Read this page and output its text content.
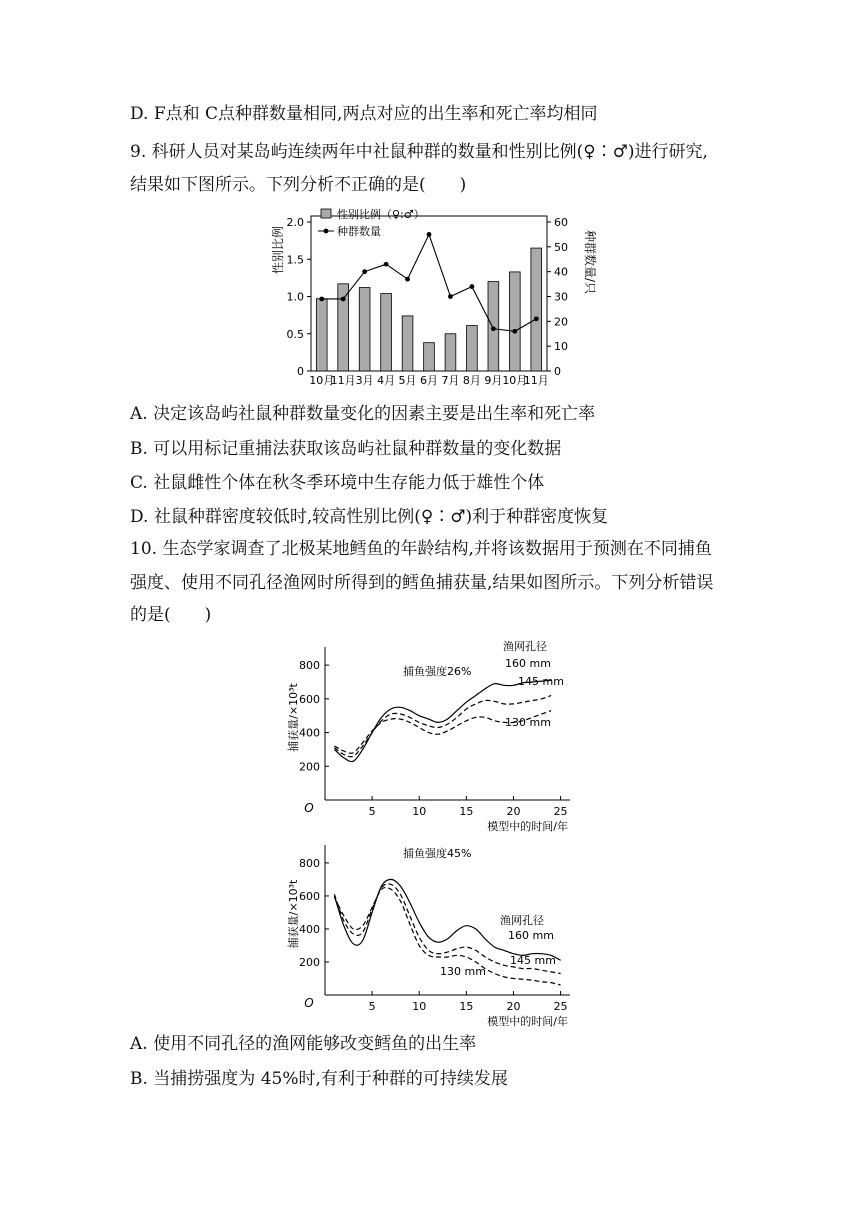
D. F点和 C点种群数量相同,两点对应的出生率和死亡率均相同
9. 科研人员对某岛屿连续两年中社鼠种群的数量和性别比例(♀∶♂)进行研究,
结果如下图所示。下列分析不正确的是(　　)
0
0.5
1.0
1.5
2.0
0
10
20
30
40
50
60
性别比例	种群数量/只
10月
11月 3月 4月 5月 6月 7月 8月 9月 10月
11月
性别比例（♀:♂）
种群数量
A. 决定该岛屿社鼠种群数量变化的因素主要是出生率和死亡率
B. 可以用标记重捕法获取该岛屿社鼠种群数量的变化数据
C. 社鼠雌性个体在秋冬季环境中生存能力低于雄性个体
D. 社鼠种群密度较低时,较高性别比例(♀∶♂)利于种群密度恢复
10. 生态学家调查了北极某地鳕鱼的年龄结构,并将该数据用于预测在不同捕鱼
强度、使用不同孔径渔网时所得到的鳕鱼捕获量,结果如图所示。下列分析错误
的是(　　)
O
200
400
600
800
5	10	15	20	25
模型中的时间/年
捕获量/×10³t
捕鱼强度26%
渔网孔径
160 mm
145 mm
130 mm
O
200
400
600
800
5	10	15	20	25
模型中的时间/年
捕获量/×10³t
捕鱼强度45%
渔网孔径
160 mm
145 mm
130 mm
A. 使用不同孔径的渔网能够改变鳕鱼的出生率
B. 当捕捞强度为 45%时,有利于种群的可持续发展
